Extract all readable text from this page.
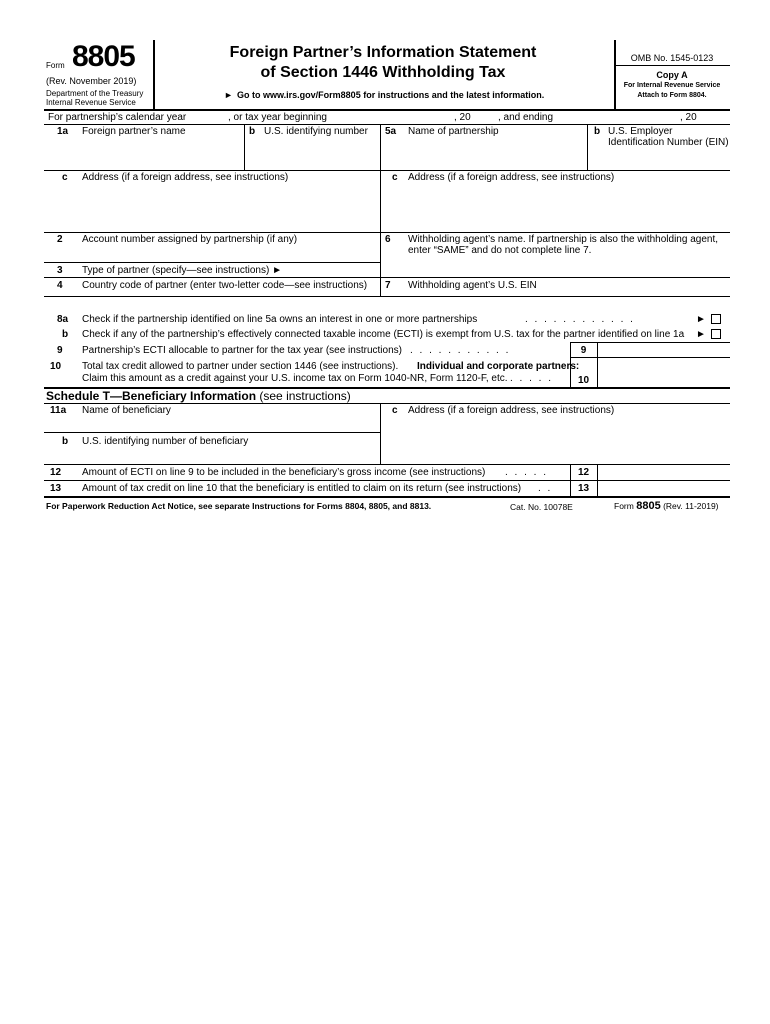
Form 8805
(Rev. November 2019)
Department of the Treasury
Internal Revenue Service
Foreign Partner’s Information Statement
of Section 1446 Withholding Tax
► Go to www.irs.gov/Form8805 for instructions and the latest information.
OMB No. 1545-0123
Copy A
For Internal Revenue Service
Attach to Form 8804.
For partnership’s calendar year	, or tax year beginning	, 20	, and ending	, 20
1a Foreign partner’s name	b U.S. identifying number 5a Name of partnership	b U.S. Employer
Identification Number (EIN)
c Address (if a foreign address, see instructions)	c Address (if a foreign address, see instructions)
2 Account number assigned by partnership (if any)	6 Withholding agent’s name. If partnership is also the withholding agent,
enter “SAME” and do not complete line 7.
3 Type of partner (specify—see instructions) ►
4 Country code of partner (enter two-letter code—see instructions) 7 Withholding agent’s U.S. EIN
8a Check if the partnership identified on line 5a owns an interest in one or more partnerships	. . . . . . . . . . . .	►
b Check if any of the partnership’s effectively connected taxable income (ECTI) is exempt from U.S. tax for the partner identified on line 1a ►
9 Partnership’s ECTI allocable to partner for the tax year (see instructions) . . . . . . . . . . .	9
10 Total tax credit allowed to partner under section 1446 (see instructions). Individual and corporate partners:
Claim this amount as a credit against your U.S. income tax on Form 1040-NR, Form 1120-F, etc. . . . . .	10
Schedule T—Beneficiary Information (see instructions)
11a Name of beneficiary	c Address (if a foreign address, see instructions)
b U.S. identifying number of beneficiary
12 Amount of ECTI on line 9 to be included in the beneficiary’s gross income (see instructions) . . . . .	12
13 Amount of tax credit on line 10 that the beneficiary is entitled to claim on its return (see instructions) . .	13
For Paperwork Reduction Act Notice, see separate Instructions for Forms 8804, 8805, and 8813.	Cat. No. 10078E	Form 8805 (Rev. 11-2019)
